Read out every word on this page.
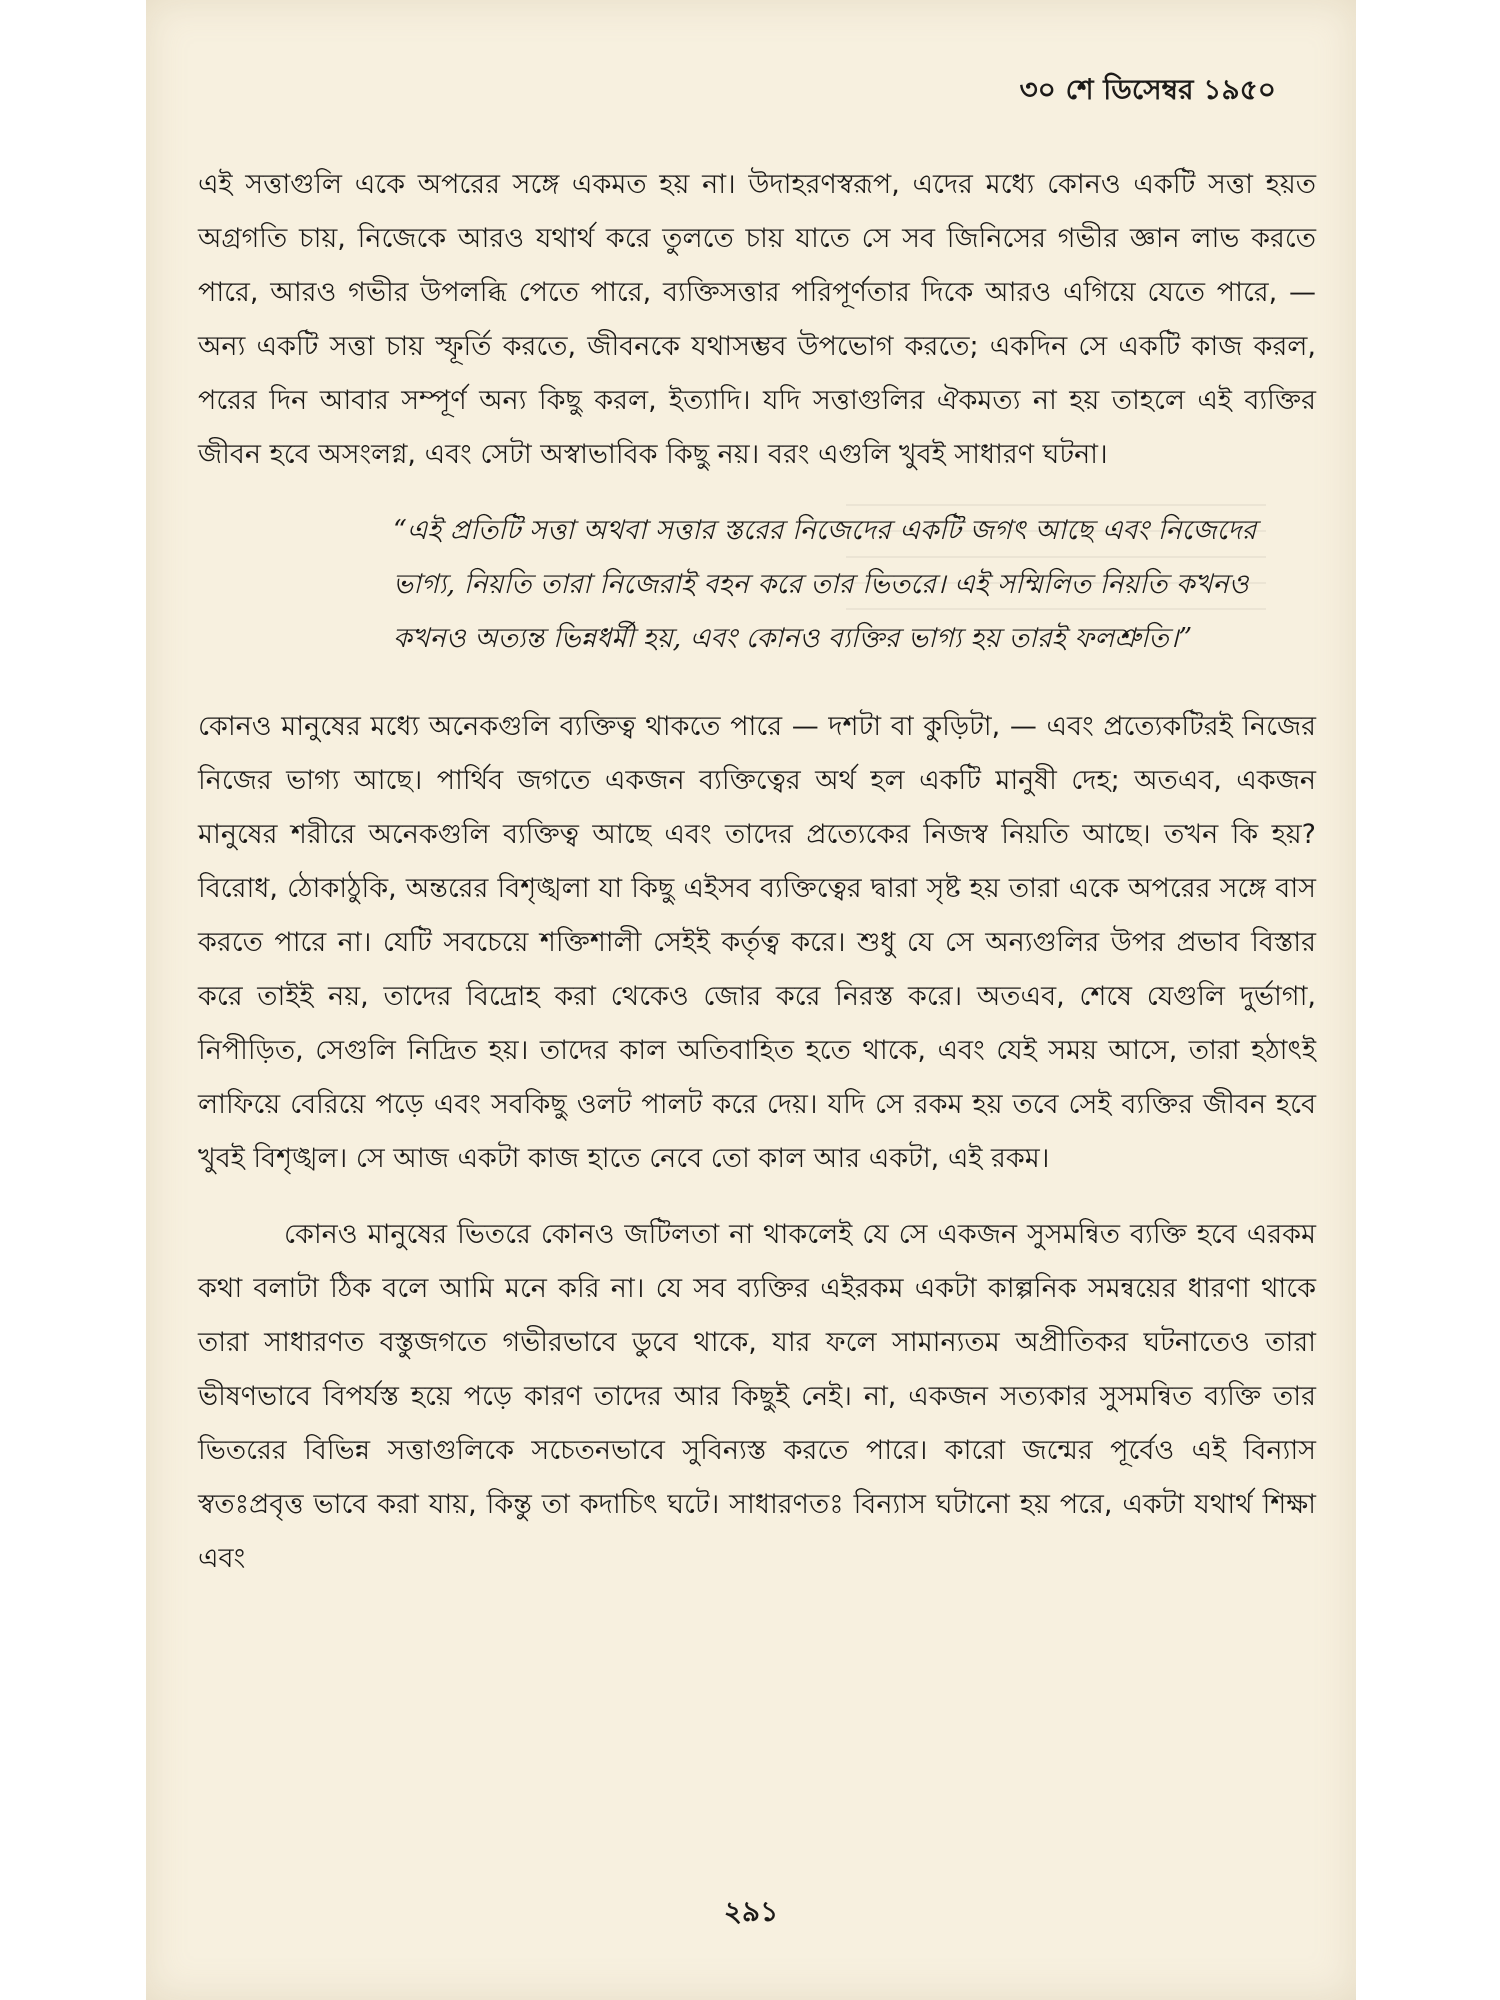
৩০ শে ডিসেম্বর ১৯৫০

এই সত্তাগুলি একে অপরের সঙ্গে একমত হয় না। উদাহরণস্বরূপ, এদের মধ্যে কোনও একটি সত্তা হয়ত অগ্রগতি চায়, নিজেকে আরও যথার্থ করে তুলতে চায় যাতে সে সব জিনিসের গভীর জ্ঞান লাভ করতে পারে, আরও গভীর উপলব্ধি পেতে পারে, ব্যক্তিসত্তার পরিপূর্ণতার দিকে আরও এগিয়ে যেতে পারে, —অন্য একটি সত্তা চায় স্ফূর্তি করতে, জীবনকে যথাসম্ভব উপভোগ করতে; একদিন সে একটি কাজ করল, পরের দিন আবার সম্পূর্ণ অন্য কিছু করল, ইত্যাদি। যদি সত্তাগুলির ঐকমত্য না হয় তাহলে এই ব্যক্তির জীবন হবে অসংলগ্ন, এবং সেটা অস্বাভাবিক কিছু নয়। বরং এগুলি খুবই সাধারণ ঘটনা।

“এই প্রতিটি সত্তা অথবা সত্তার স্তরের নিজেদের একটি জগৎ আছে এবং নিজেদের ভাগ্য, নিয়তি তারা নিজেরাই বহন করে তার ভিতরে। এই সম্মিলিত নিয়তি কখনও কখনও অত্যন্ত ভিন্নধর্মী হয়, এবং কোনও ব্যক্তির ভাগ্য হয় তারই ফলশ্রুতি।”

কোনও মানুষের মধ্যে অনেকগুলি ব্যক্তিত্ব থাকতে পারে — দশটা বা কুড়িটা, — এবং প্রত্যেকটিরই নিজের নিজের ভাগ্য আছে। পার্থিব জগতে একজন ব্যক্তিত্বের অর্থ হল একটি মানুষী দেহ; অতএব, একজন মানুষের শরীরে অনেকগুলি ব্যক্তিত্ব আছে এবং তাদের প্রত্যেকের নিজস্ব নিয়তি আছে। তখন কি হয়? বিরোধ, ঠোকাঠুকি, অন্তরের বিশৃঙ্খলা যা কিছু এইসব ব্যক্তিত্বের দ্বারা সৃষ্ট হয় তারা একে অপরের সঙ্গে বাস করতে পারে না। যেটি সবচেয়ে শক্তিশালী সেইই কর্তৃত্ব করে। শুধু যে সে অন্যগুলির উপর প্রভাব বিস্তার করে তাইই নয়, তাদের বিদ্রোহ করা থেকেও জোর করে নিরস্ত করে। অতএব, শেষে যেগুলি দুর্ভাগা, নিপীড়িত, সেগুলি নিদ্রিত হয়। তাদের কাল অতিবাহিত হতে থাকে, এবং যেই সময় আসে, তারা হঠাৎই লাফিয়ে বেরিয়ে পড়ে এবং সবকিছু ওলট পালট করে দেয়। যদি সে রকম হয় তবে সেই ব্যক্তির জীবন হবে খুবই বিশৃঙ্খল। সে আজ একটা কাজ হাতে নেবে তো কাল আর একটা, এই রকম।

কোনও মানুষের ভিতরে কোনও জটিলতা না থাকলেই যে সে একজন সুসমন্বিত ব্যক্তি হবে এরকম কথা বলাটা ঠিক বলে আমি মনে করি না। যে সব ব্যক্তির এইরকম একটা কাল্পনিক সমন্বয়ের ধারণা থাকে তারা সাধারণত বস্তুজগতে গভীরভাবে ডুবে থাকে, যার ফলে সামান্যতম অপ্রীতিকর ঘটনাতেও তারা ভীষণভাবে বিপর্যস্ত হয়ে পড়ে কারণ তাদের আর কিছুই নেই। না, একজন সত্যকার সুসমন্বিত ব্যক্তি তার ভিতরের বিভিন্ন সত্তাগুলিকে সচেতনভাবে সুবিন্যস্ত করতে পারে। কারো জন্মের পূর্বেও এই বিন্যাস স্বতঃপ্রবৃত্ত ভাবে করা যায়, কিন্তু তা কদাচিৎ ঘটে। সাধারণতঃ বিন্যাস ঘটানো হয় পরে, একটা যথার্থ শিক্ষা এবং

২৯১
